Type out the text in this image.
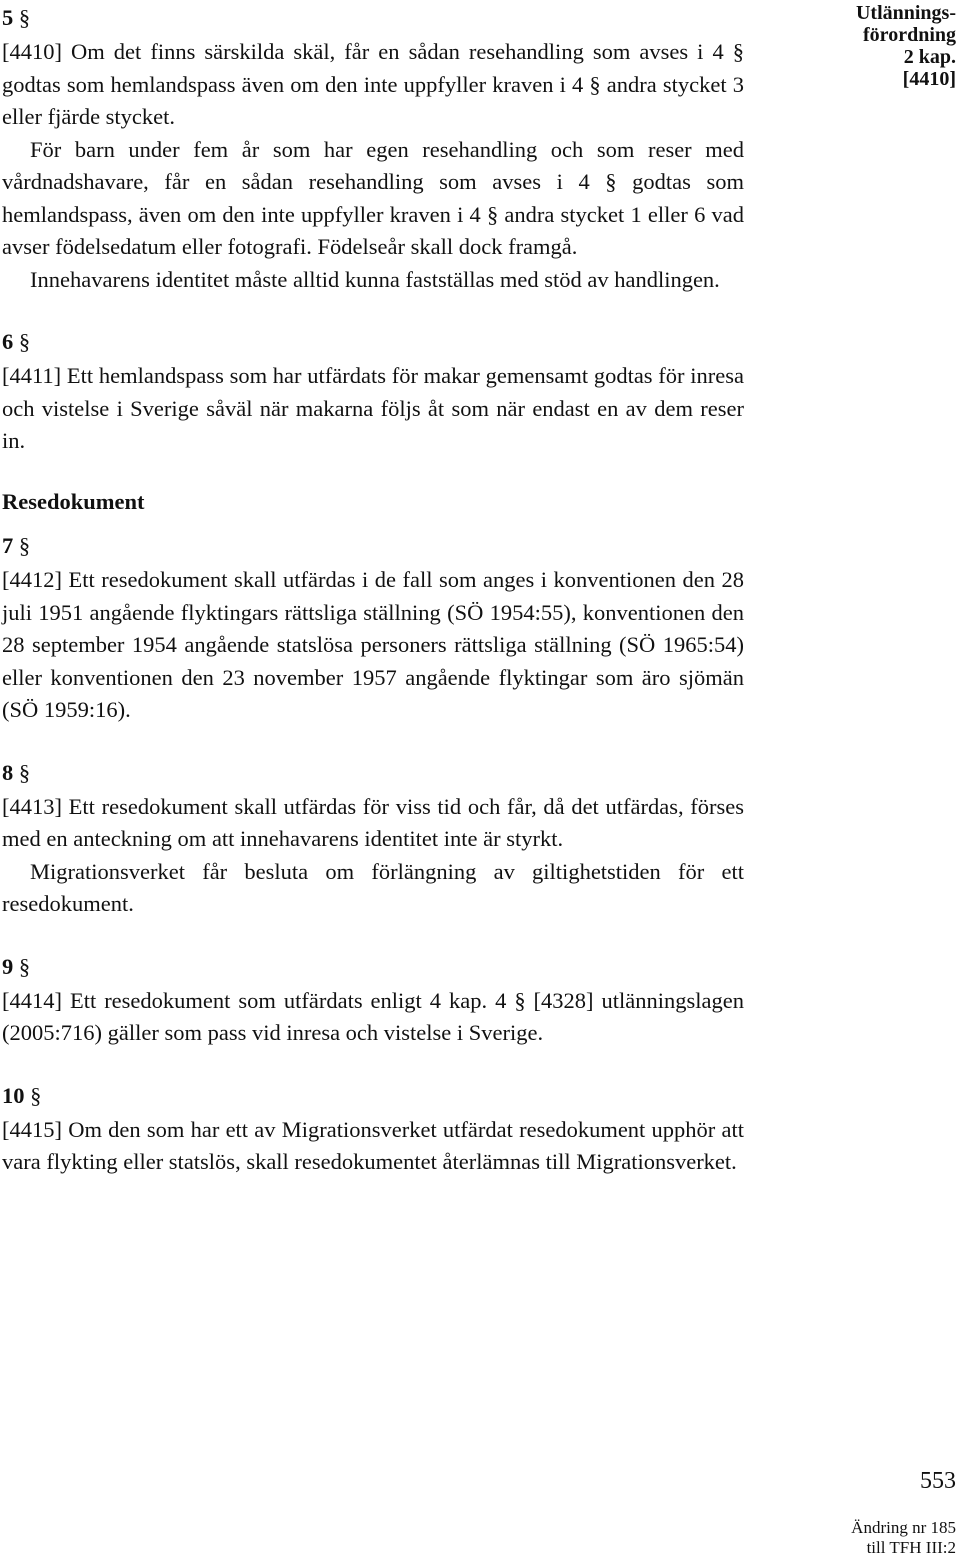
5 §

[4410] Om det finns särskilda skäl, får en sådan resehandling som avses i 4 § godtas som hemlandspass även om den inte uppfyller kraven i 4 § andra stycket 3 eller fjärde stycket.

För barn under fem år som har egen resehandling och som reser med vårdnadshavare, får en sådan resehandling som avses i 4 § godtas som hemlandspass, även om den inte uppfyller kraven i 4 § andra stycket 1 eller 6 vad avser födelsedatum eller fotografi. Födelseår skall dock framgå.

Innehavarens identitet måste alltid kunna fastställas med stöd av handlingen.

6 §

[4411] Ett hemlandspass som har utfärdats för makar gemensamt godtas för inresa och vistelse i Sverige såväl när makarna följs åt som när endast en av dem reser in.

Resedokument
7 §

[4412] Ett resedokument skall utfärdas i de fall som anges i konventionen den 28 juli 1951 angående flyktingars rättsliga ställning (SÖ 1954:55), konventionen den 28 september 1954 angående statslösa personers rättsliga ställning (SÖ 1965:54) eller konventionen den 23 november 1957 angående flyktingar som äro sjömän (SÖ 1959:16).

8 §

[4413] Ett resedokument skall utfärdas för viss tid och får, då det utfärdas, förses med en anteckning om att innehavarens identitet inte är styrkt.

Migrationsverket får besluta om förlängning av giltighetstiden för ett resedokument.

9 §

[4414] Ett resedokument som utfärdats enligt 4 kap. 4 § [4328] utlänningslagen (2005:716) gäller som pass vid inresa och vistelse i Sverige.

10 §

[4415] Om den som har ett av Migrationsverket utfärdat resedokument upphör att vara flykting eller statslös, skall resedokumentet återlämnas till Migrationsverket.

Utlännings-
förordning
2 kap.
[4410]
553
Ändring nr 185
till TFH III:2
